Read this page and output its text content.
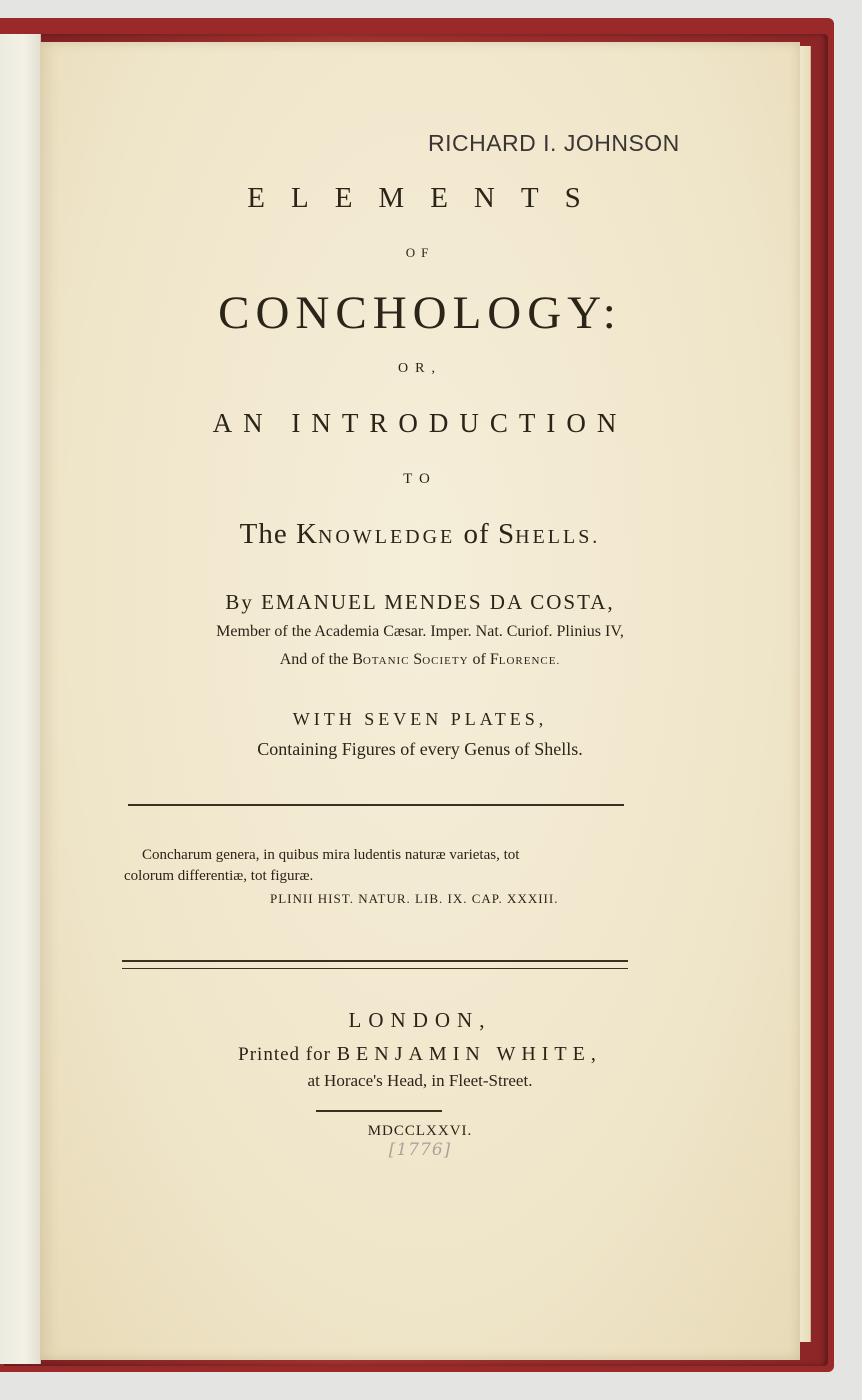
RICHARD I. JOHNSON
ELEMENTS
OF
CONCHOLOGY:
OR,
AN INTRODUCTION
TO
The KNOWLEDGE of SHELLS.
By EMANUEL MENDES DA COSTA,
Member of the Academia Cæsar. Imper. Nat. Curiof. Plinius IV,
And of the BOTANIC SOCIETY of FLORENCE.
WITH SEVEN PLATES,
Containing Figures of every Genus of Shells.
Concharum genera, in quibus mira ludentis naturæ varietas, tot
colorum differentiæ, tot figuræ.
PLINII HIST. NATUR. LIB. IX. CAP. XXXIII.
LONDON,
Printed for BENJAMIN WHITE,
at Horace's Head, in Fleet-Street.
MDCCLXXVI.
[1776]
